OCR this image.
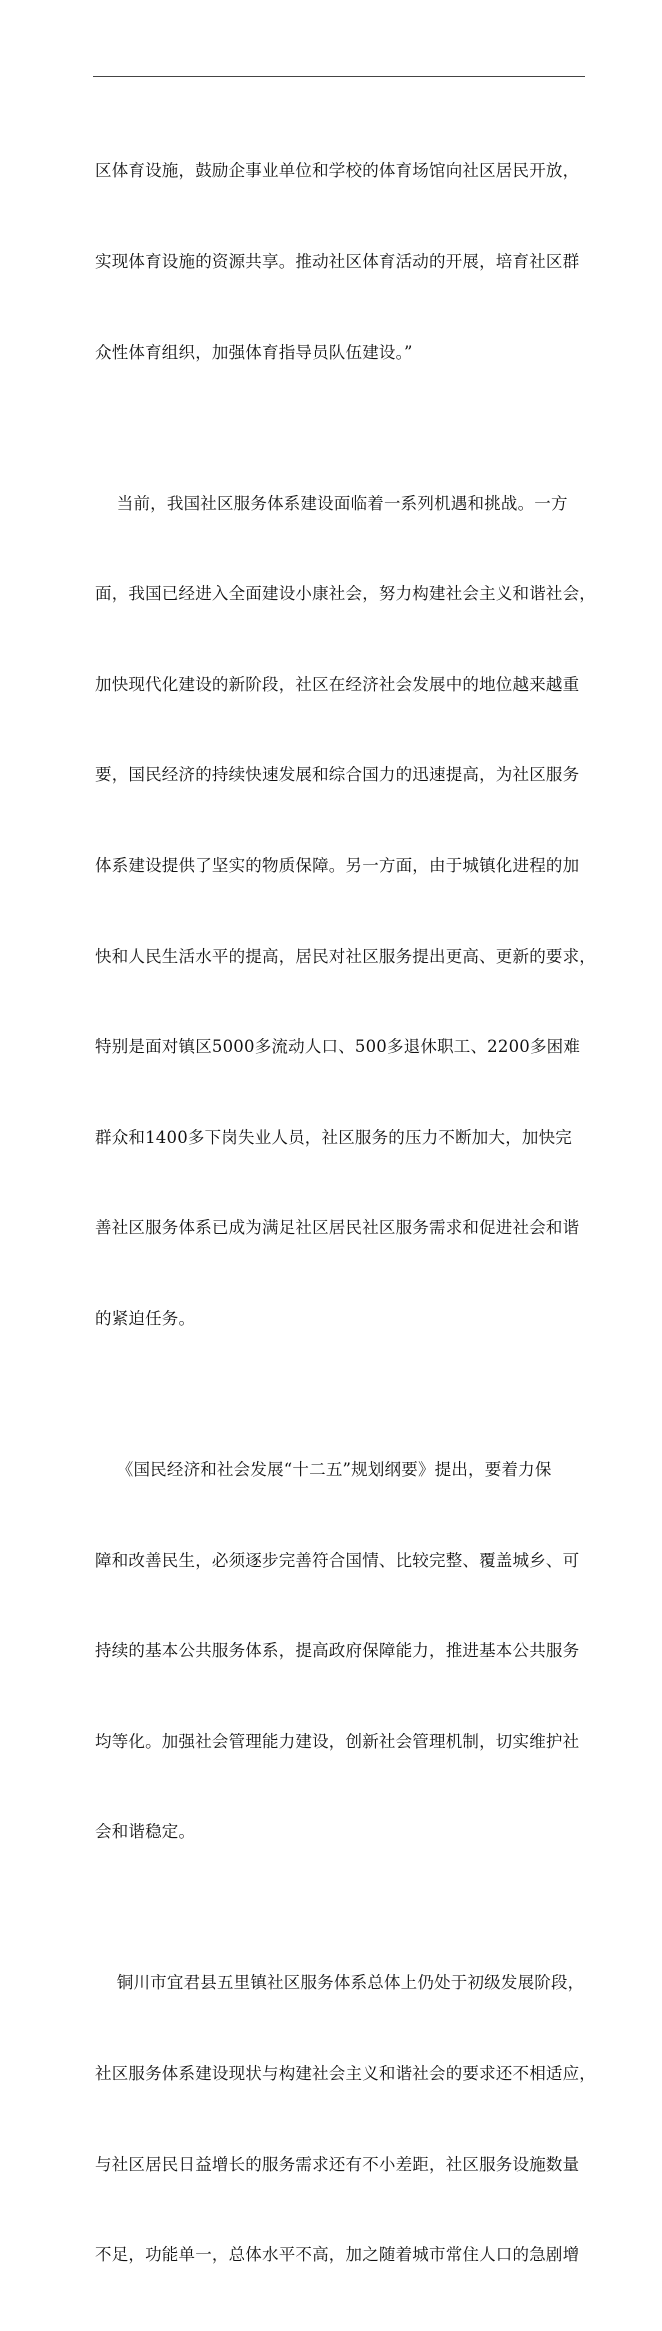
区体育设施，鼓励企事业单位和学校的体育场馆向社区居民开放，

实现体育设施的资源共享。推动社区体育活动的开展，培育社区群

众性体育组织，加强体育指导员队伍建设。”

当前，我国社区服务体系建设面临着一系列机遇和挑战。一方

面，我国已经进入全面建设小康社会，努力构建社会主义和谐社会，

加快现代化建设的新阶段，社区在经济社会发展中的地位越来越重

要，国民经济的持续快速发展和综合国力的迅速提高，为社区服务

体系建设提供了坚实的物质保障。另一方面，由于城镇化进程的加

快和人民生活水平的提高，居民对社区服务提出更高、更新的要求，

特别是面对镇区5000多流动人口、500多退休职工、2200多困难

群众和1400多下岗失业人员，社区服务的压力不断加大，加快完

善社区服务体系已成为满足社区居民社区服务需求和促进社会和谐

的紧迫任务。

《国民经济和社会发展“十二五”规划纲要》提出，要着力保

障和改善民生，必须逐步完善符合国情、比较完整、覆盖城乡、可

持续的基本公共服务体系，提高政府保障能力，推进基本公共服务

均等化。加强社会管理能力建设，创新社会管理机制，切实维护社

会和谐稳定。

铜川市宜君县五里镇社区服务体系总体上仍处于初级发展阶段，

社区服务体系建设现状与构建社会主义和谐社会的要求还不相适应，

与社区居民日益增长的服务需求还有不小差距，社区服务设施数量

不足，功能单一，总体水平不高，加之随着城市常住人口的急剧增
